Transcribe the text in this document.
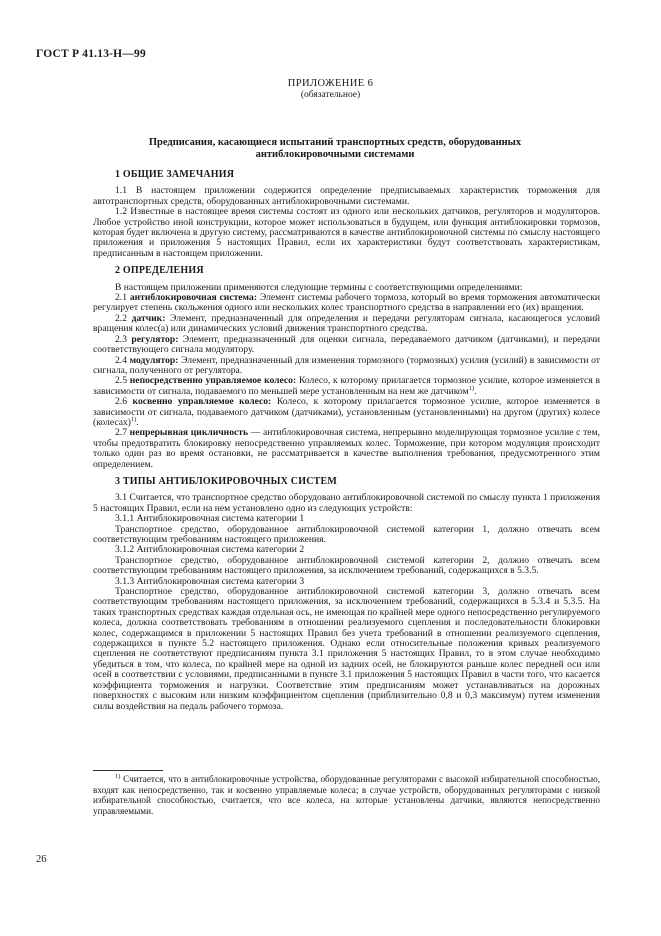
ГОСТ Р 41.13-Н—99
ПРИЛОЖЕНИЕ 6
(обязательное)
Предписания, касающиеся испытаний транспортных средств, оборудованных антиблокировочными системами
1 ОБЩИЕ ЗАМЕЧАНИЯ

1.1 В настоящем приложении содержится определение предписываемых характеристик торможения для автотранспортных средств, оборудованных антиблокировочными системами.

1.2 Известные в настоящее время системы состоят из одного или нескольких датчиков, регуляторов и модуляторов. Любое устройство иной конструкции, которое может использоваться в будущем, или функция антиблокировки тормозов, которая будет включена в другую систему, рассматриваются в качестве антиблокировочной системы по смыслу настоящего приложения и приложения 5 настоящих Правил, если их характеристики будут соответствовать характеристикам, предписанным в настоящем приложении.

2 ОПРЕДЕЛЕНИЯ

В настоящем приложении применяются следующие термины с соответствующими определениями:

2.1 антиблокировочная система: Элемент системы рабочего тормоза, который во время торможения автоматически регулирует степень скольжения одного или нескольких колес транспортного средства в направлении его (их) вращения.

2.2 датчик: Элемент, предназначенный для определения и передачи регуляторам сигнала, касающегося условий вращения колес(а) или динамических условий движения транспортного средства.

2.3 регулятор: Элемент, предназначенный для оценки сигнала, передаваемого датчиком (датчиками), и передачи соответствующего сигнала модулятору.

2.4 модулятор: Элемент, предназначенный для изменения тормозного (тормозных) усилия (усилий) в зависимости от сигнала, полученного от регулятора.

2.5 непосредственно управляемое колесо: Колесо, к которому прилагается тормозное усилие, которое изменяется в зависимости от сигнала, подаваемого по меньшей мере установленным на нем же датчиком$^{1)}$.

2.6 косвенно управляемое колесо: Колесо, к которому прилагается тормозное усилие, которое изменяется в зависимости от сигнала, подаваемого датчиком (датчиками), установленным (установленными) на другом (других) колесе (колесах)$^{1)}$.

2.7 непрерывная цикличность — антиблокировочная система, непрерывно моделирующая тормозное усилие с тем, чтобы предотвратить блокировку непосредственно управляемых колес. Торможение, при котором модуляция происходит только один раз во время остановки, не рассматривается в качестве выполнения требования, предусмотренного этим определением.

3 ТИПЫ АНТИБЛОКИРОВОЧНЫХ СИСТЕМ

3.1 Считается, что транспортное средство оборудовано антиблокировочной системой по смыслу пункта 1 приложения 5 настоящих Правил, если на нем установлено одно из следующих устройств:

3.1.1 Антиблокировочная система категории 1

Транспортное средство, оборудованное антиблокировочной системой категории 1, должно отвечать всем соответствующим требованиям настоящего приложения.

3.1.2 Антиблокировочная система категории 2

Транспортное средство, оборудованное антиблокировочной системой категории 2, должно отвечать всем соответствующим требованиям настоящего приложения, за исключением требований, содержащихся в 5.3.5.

3.1.3 Антиблокировочная система категории 3

Транспортное средство, оборудованное антиблокировочной системой категории 3, должно отвечать всем соответствующим требованиям настоящего приложения, за исключением требований, содержащихся в 5.3.4 и 5.3.5. На таких транспортных средствах каждая отдельная ось, не имеющая по крайней мере одного непосредственно регулируемого колеса, должна соответствовать требованиям в отношении реализуемого сцепления и последовательности блокировки колес, содержащимся в приложении 5 настоящих Правил без учета требований в отношении реализуемого сцепления, содержащихся в пункте 5.2 настоящего приложения. Однако если относительные положения кривых реализуемого сцепления не соответствуют предписаниям пункта 3.1 приложения 5 настоящих Правил, то в этом случае необходимо убедиться в том, что колеса, по крайней мере на одной из задних осей, не блокируются раньше колес передней оси или осей в соответствии с условиями, предписанными в пункте 3.1 приложения 5 настоящих Правил в части того, что касается коэффициента торможения и нагрузки. Соответствие этим предписаниям может устанавливаться на дорожных поверхностях с высоким или низким коэффициентом сцепления (приблизительно 0,8 и 0,3 максимум) путем изменения силы воздействия на педаль рабочего тормоза.

$^{1)}$ Считается, что в антиблокировочные устройства, оборудованные регуляторами с высокой избирательной способностью, входят как непосредственно, так и косвенно управляемые колеса; в случае устройств, оборудованных регуляторами с низкой избирательной способностью, считается, что все колеса, на которые установлены датчики, являются непосредственно управляемыми.
26
